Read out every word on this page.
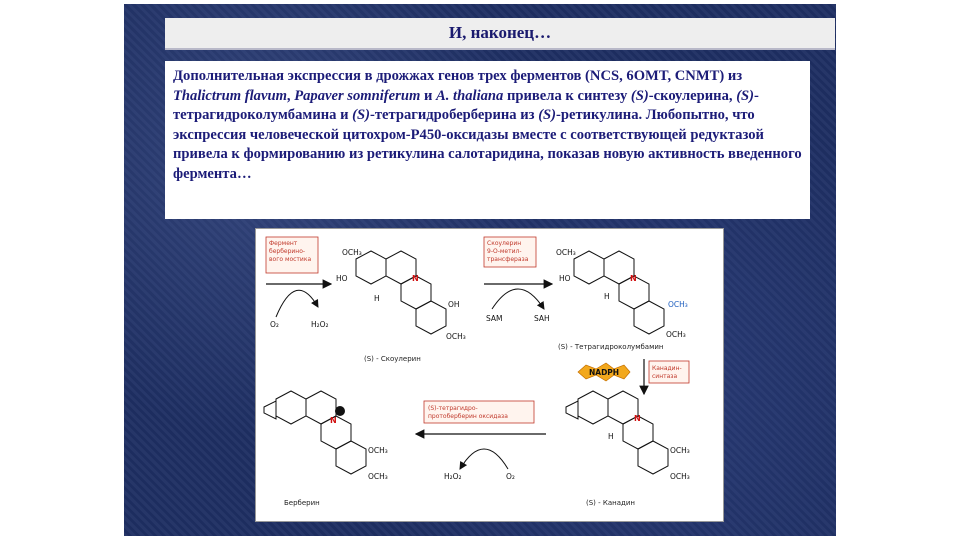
И, наконец…
Дополнительная экспрессия в дрожжах генов трех ферментов (NCS, 6OMT, CNMT) из Thalictrum flavum, Papaver somniferum и A. thaliana привела к синтезу (S)-скоулерина, (S)-тетрагидроколумбамина и (S)-тетрагидроберберина из (S)-ретикулина. Любопытно, что экспрессия человеческой цитохром-Р450-оксидазы вместе с соответствующей редуктазой привела к формированию из ретикулина салотаридина, показав новую активность введенного фермента…
Фермент
берберино-
вого мостика
O₂	H₂O₂
OCH₃
HO	N
OH
OCH₃
H
(S) - Скоулерин
Скоулерин
9-О-метил-
трансфераза
SAM	SAH
OCH₃
HO	N
OCH₃
OCH₃
H
(S) - Тетрагидроколумбамин
NADPH	Канадин-
синтаза
N
OCH₃
OCH₃
H
(S) - Канадин
(S)-тетрагидро-
протоберберин оксидаза
H₂O₂	O₂
N
OCH₃
OCH₃
Берберин
